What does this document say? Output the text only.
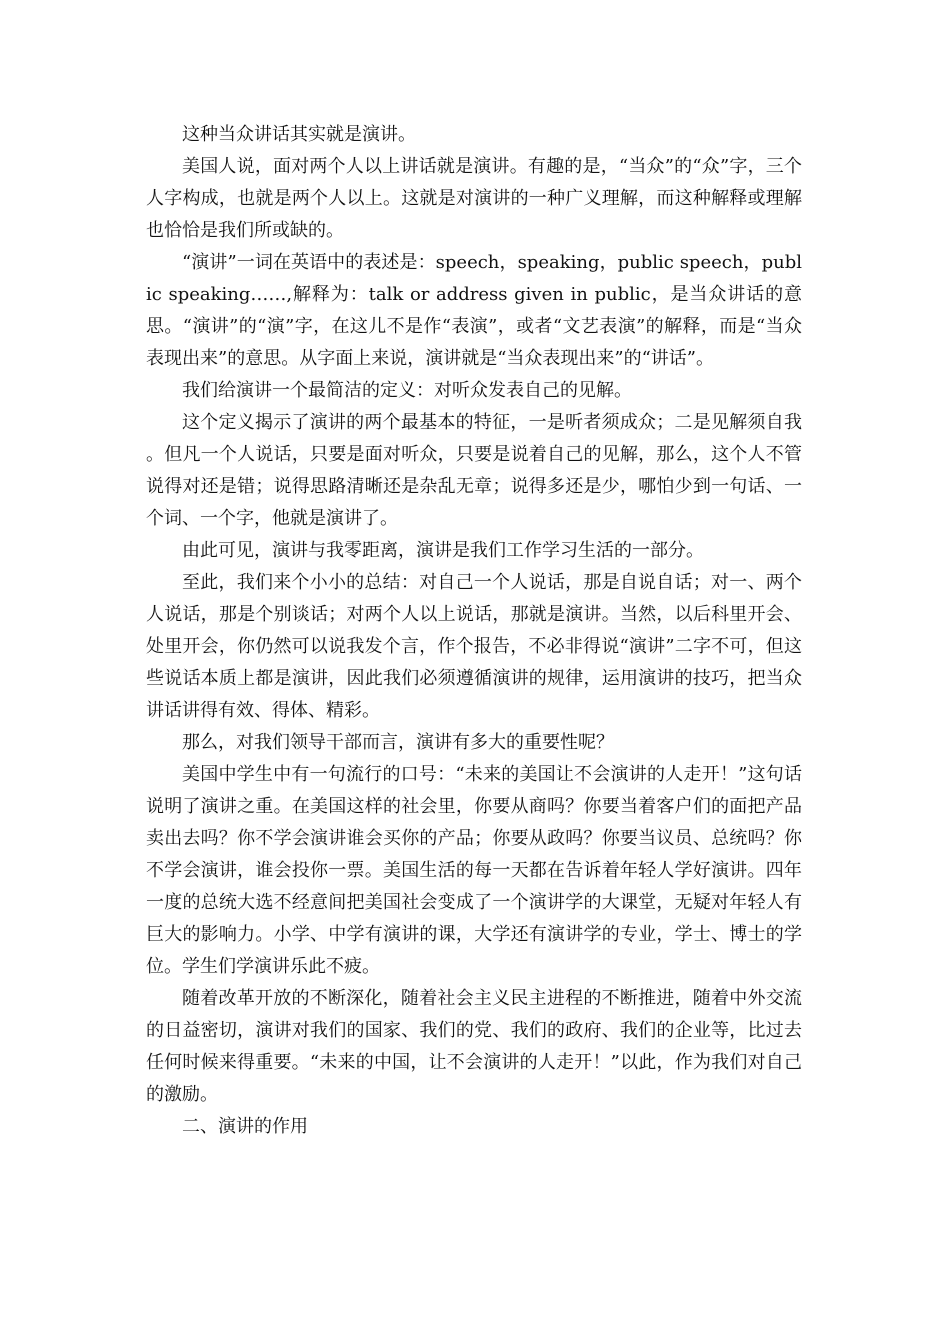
这种当众讲话其实就是演讲。

美国人说，面对两个人以上讲话就是演讲。有趣的是，“当众”的“众”字，三个人字构成，也就是两个人以上。这就是对演讲的一种广义理解，而这种解释或理解也恰恰是我们所或缺的。

“演讲”一词在英语中的表述是：speech，speaking，public speech，public speaking……,解释为：talk or address given in public，是当众讲话的意思。“演讲”的“演”字，在这儿不是作“表演”，或者“文艺表演”的解释，而是“当众表现出来”的意思。从字面上来说，演讲就是“当众表现出来”的“讲话”。

我们给演讲一个最简洁的定义：对听众发表自己的见解。

这个定义揭示了演讲的两个最基本的特征，一是听者须成众；二是见解须自我。但凡一个人说话，只要是面对听众，只要是说着自己的见解，那么，这个人不管说得对还是错；说得思路清晰还是杂乱无章；说得多还是少，哪怕少到一句话、一个词、一个字，他就是演讲了。

由此可见，演讲与我零距离，演讲是我们工作学习生活的一部分。

至此，我们来个小小的总结：对自己一个人说话，那是自说自话；对一、两个人说话，那是个别谈话；对两个人以上说话，那就是演讲。当然，以后科里开会、处里开会，你仍然可以说我发个言，作个报告，不必非得说“演讲”二字不可，但这些说话本质上都是演讲，因此我们必须遵循演讲的规律，运用演讲的技巧，把当众讲话讲得有效、得体、精彩。

那么，对我们领导干部而言，演讲有多大的重要性呢？

美国中学生中有一句流行的口号：“未来的美国让不会演讲的人走开！”这句话说明了演讲之重。在美国这样的社会里，你要从商吗？你要当着客户们的面把产品卖出去吗？你不学会演讲谁会买你的产品；你要从政吗？你要当议员、总统吗？你不学会演讲，谁会投你一票。美国生活的每一天都在告诉着年轻人学好演讲。四年一度的总统大选不经意间把美国社会变成了一个演讲学的大课堂，无疑对年轻人有巨大的影响力。小学、中学有演讲的课，大学还有演讲学的专业，学士、博士的学位。学生们学演讲乐此不疲。

随着改革开放的不断深化，随着社会主义民主进程的不断推进，随着中外交流的日益密切，演讲对我们的国家、我们的党、我们的政府、我们的企业等，比过去任何时候来得重要。“未来的中国，让不会演讲的人走开！”以此，作为我们对自己的激励。

二、演讲的作用
